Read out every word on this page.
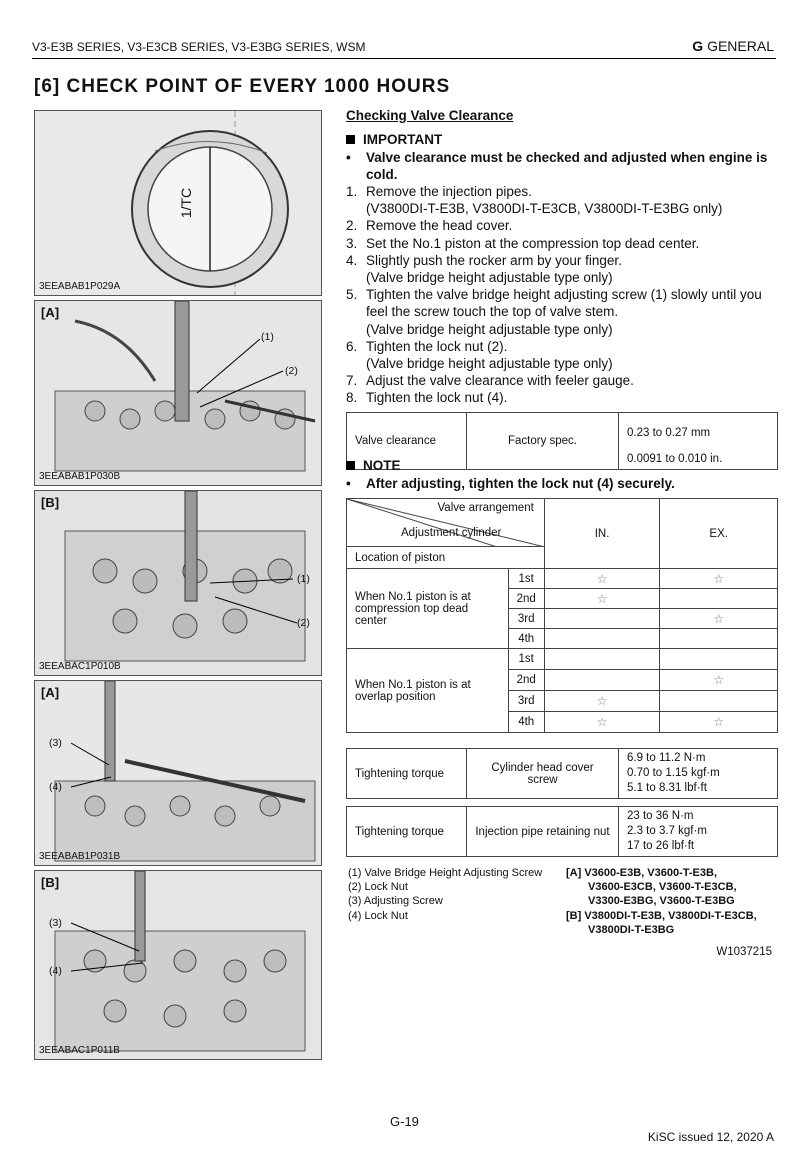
V3-E3B SERIES, V3-E3CB SERIES, V3-E3BG SERIES, WSM	G GENERAL
[6] CHECK POINT OF EVERY 1000 HOURS
1/TC
3EEABAB1P029A
[A]
(1)
(2)
3EEABAB1P030B
[B]
(1)
(2)
3EEABAC1P010B
[A]
(3)
(4)
3EEABAB1P031B
[B]
(3)
(4)
3EEABAC1P011B
Checking Valve Clearance
IMPORTANT
•	Valve clearance must be checked and adjusted when engine is cold.
1. Remove the injection pipes.
(V3800DI-T-E3B, V3800DI-T-E3CB, V3800DI-T-E3BG only)
2. Remove the head cover.
3. Set the No.1 piston at the compression top dead center.
4. Slightly push the rocker arm by your finger.
(Valve bridge height adjustable type only)
5. Tighten the valve bridge height adjusting screw (1) slowly until you feel the screw touch the top of valve stem.
(Valve bridge height adjustable type only)
6. Tighten the lock nut (2).
(Valve bridge height adjustable type only)
7. Adjust the valve clearance with feeler gauge.
8. Tighten the lock nut (4).
Valve clearance	Factory spec.	0.23 to 0.27 mm
0.0091 to 0.010 in.
NOTE
•	After adjusting, tighten the lock nut (4) securely.
Valve arrangement
Adjustment cylinder		IN.	EX.
Location of piston			
When No.1 piston is at compression top dead center	1st	☆	☆
	2nd	☆	
	3rd		☆
	4th		
When No.1 piston is at overlap position	1st		
	2nd		☆
	3rd	☆	
	4th	☆	☆
Tightening torque	Cylinder head cover screw	
6.9 to 11.2 N·m
0.70 to 1.15 kgf·m
5.1 to 8.31 lbf·ft
Tightening torque	Injection pipe retaining nut	
23 to 36 N·m
2.3 to 3.7 kgf·m
17 to 26 lbf·ft
(1) Valve Bridge Height Adjusting Screw
(2) Lock Nut
(3) Adjusting Screw
(4) Lock Nut
[A] V3600-E3B, V3600-T-E3B,
V3600-E3CB, V3600-T-E3CB,
V3300-E3BG, V3600-T-E3BG
[B] V3800DI-T-E3B, V3800DI-T-E3CB,
V3800DI-T-E3BG
W1037215
G-19
KiSC issued 12, 2020 A
